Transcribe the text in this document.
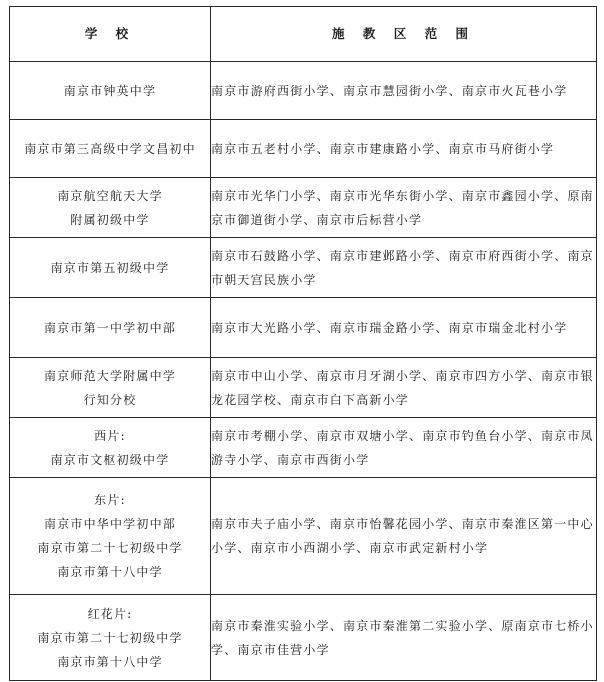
学 校	施 教 区 范 围

南京市钟英中学	南京市游府西街小学、南京市慧园街小学、南京市火瓦巷小学

南京市第三高级中学文昌初中	南京市五老村小学、南京市建康路小学、南京市马府街小学

南京航空航天大学
附属初级中学	南京市光华门小学、南京市光华东街小学、南京市鑫园小学、原南京市御道街小学、南京市后标营小学

南京市第五初级中学	南京市石鼓路小学、南京市建邺路小学、南京市府西街小学、南京市朝天宫民族小学

南京市第一中学初中部	南京市大光路小学、南京市瑞金路小学、南京市瑞金北村小学

南京师范大学附属中学
行知分校	南京市中山小学、南京市月牙湖小学、南京市四方小学、南京市银龙花园学校、南京市白下高新小学

西片:
南京市文枢初级中学	南京市考棚小学、南京市双塘小学、南京市钓鱼台小学、南京市凤游寺小学、南京市西街小学

东片:
南京市中华中学初中部
南京市第二十七初级中学
南京市第十八中学	南京市夫子庙小学、南京市怡馨花园小学、南京市秦淮区第一中心小学、南京市小西湖小学、南京市武定新村小学

红花片:
南京市第二十七初级中学
南京市第十八中学	南京市秦淮实验小学、南京市秦淮第二实验小学、原南京市七桥小学、南京市佳营小学
